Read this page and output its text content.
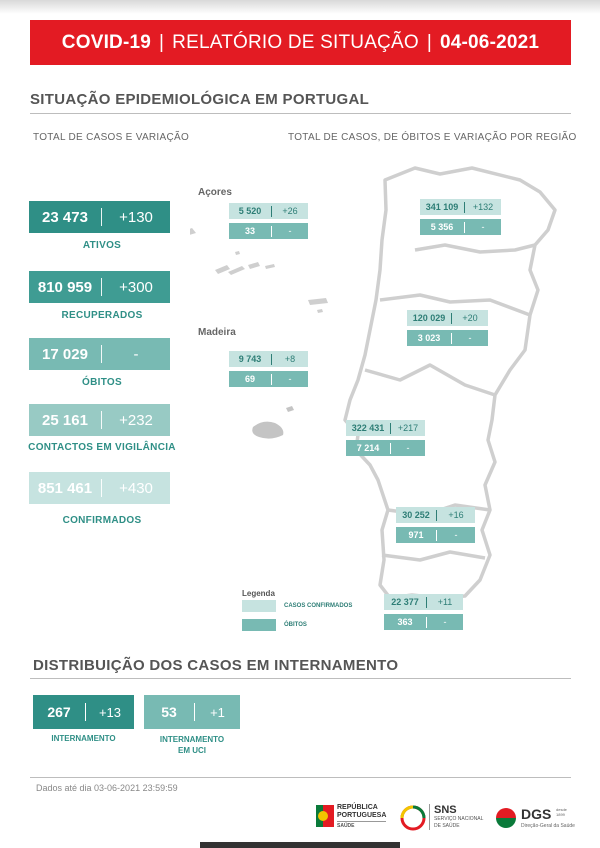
COVID-19 | RELATÓRIO DE SITUAÇÃO | 04-06-2021
SITUAÇÃO EPIDEMIOLÓGICA EM PORTUGAL
TOTAL DE CASOS E VARIAÇÃO	TOTAL DE CASOS, DE ÓBITOS E VARIAÇÃO POR REGIÃO
23 473	+130
ATIVOS
810 959	+300
RECUPERADOS
17 029	-
ÓBITOS
25 161	+232
CONTACTOS EM VIGILÂNCIA
851 461	+430
CONFIRMADOS
Açores
Madeira
5 520	+26
33	-
9 743	+8
69	-
341 109	+132
5 356	-
120 029	+20
3 023	-
322 431	+217
7 214	-
30 252	+16
971	-
22 377	+11
363	-
Legenda
CASOS CONFIRMADOS
ÓBITOS
DISTRIBUIÇÃO DOS CASOS EM INTERNAMENTO
267	+13
INTERNAMENTO
53	+1
INTERNAMENTO
EM UCI
Dados até dia 03-06-2021 23:59:59
REPÚBLICA
PORTUGUESA
SAÚDE
SNS
SERVIÇO NACIONAL
DE SAÚDE
DGS desde 1899
Direção-Geral da Saúde
